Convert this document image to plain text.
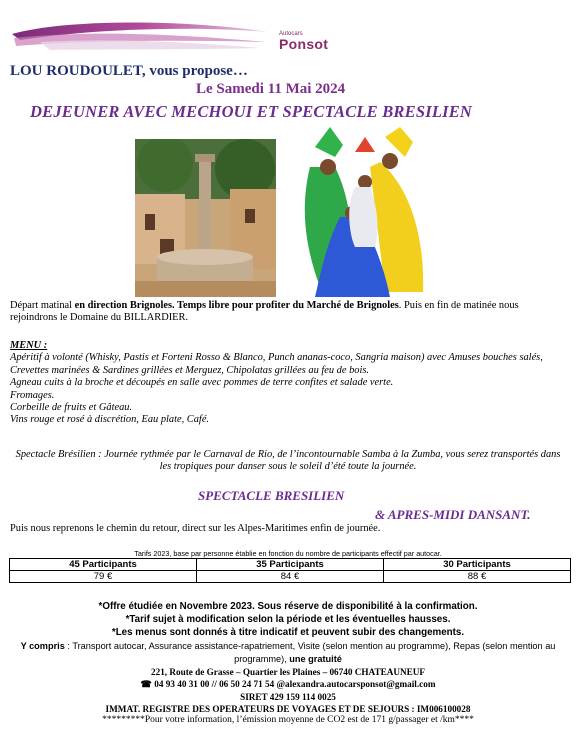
Autocars
Ponsot
LOU ROUDOULET, vous propose…
Le Samedi 11 Mai 2024
DEJEUNER AVEC MECHOUI ET SPECTACLE BRESILIEN
Départ matinal en direction Brignoles. Temps libre pour profiter du Marché de Brignoles. Puis en fin de matinée nous rejoindrons le Domaine du BILLARDIER.
MENU :
Apéritif à volonté (Whisky, Pastis et Forteni Rosso & Blanco, Punch ananas-coco, Sangria maison) avec Amuses bouches salés, Crevettes marinées & Sardines grillées et Merguez, Chipolatas grillées au feu de bois.
Agneau cuits à la broche et découpés en salle avec pommes de terre confites et salade verte.
Fromages.
Corbeille de fruits et Gâteau.
Vins rouge et rosé à discrétion, Eau plate, Café.
Spectacle Brésilien : Journée rythmée par le Carnaval de Rio, de l’incontournable Samba à la Zumba, vous serez transportés dans les tropiques pour danser sous le soleil d’été toute la journée.
SPECTACLE BRESILIEN
& APRES-MIDI DANSANT.
Puis nous reprenons le chemin du retour, direct sur les Alpes-Maritimes enfin de journée.
Tarifs 2023, base par personne établie en fonction du nombre de participants effectif par autocar.
45 Participants	35 Participants	30 Participants
79 €	84 €	88 €
*Offre étudiée en Novembre 2023. Sous réserve de disponibilité à la confirmation.
*Tarif sujet à modification selon la période et les éventuelles hausses.
*Les menus sont donnés à titre indicatif et peuvent subir des changements.
Y compris : Transport autocar, Assurance assistance-rapatriement, Visite (selon mention au programme), Repas (selon mention au programme), une gratuité
221, Route de Grasse – Quartier les Plaines – 06740 CHATEAUNEUF
☎ 04 93 40 31 00 // 06 50 24 71 54 @alexandra.autocarsponsot@gmail.com
SIRET 429 159 114 0025
IMMAT. REGISTRE DES OPERATEURS DE VOYAGES ET DE SEJOURS : IM006100028
*********Pour votre information, l’émission moyenne de CO2 est de 171 g/passager et /km****
